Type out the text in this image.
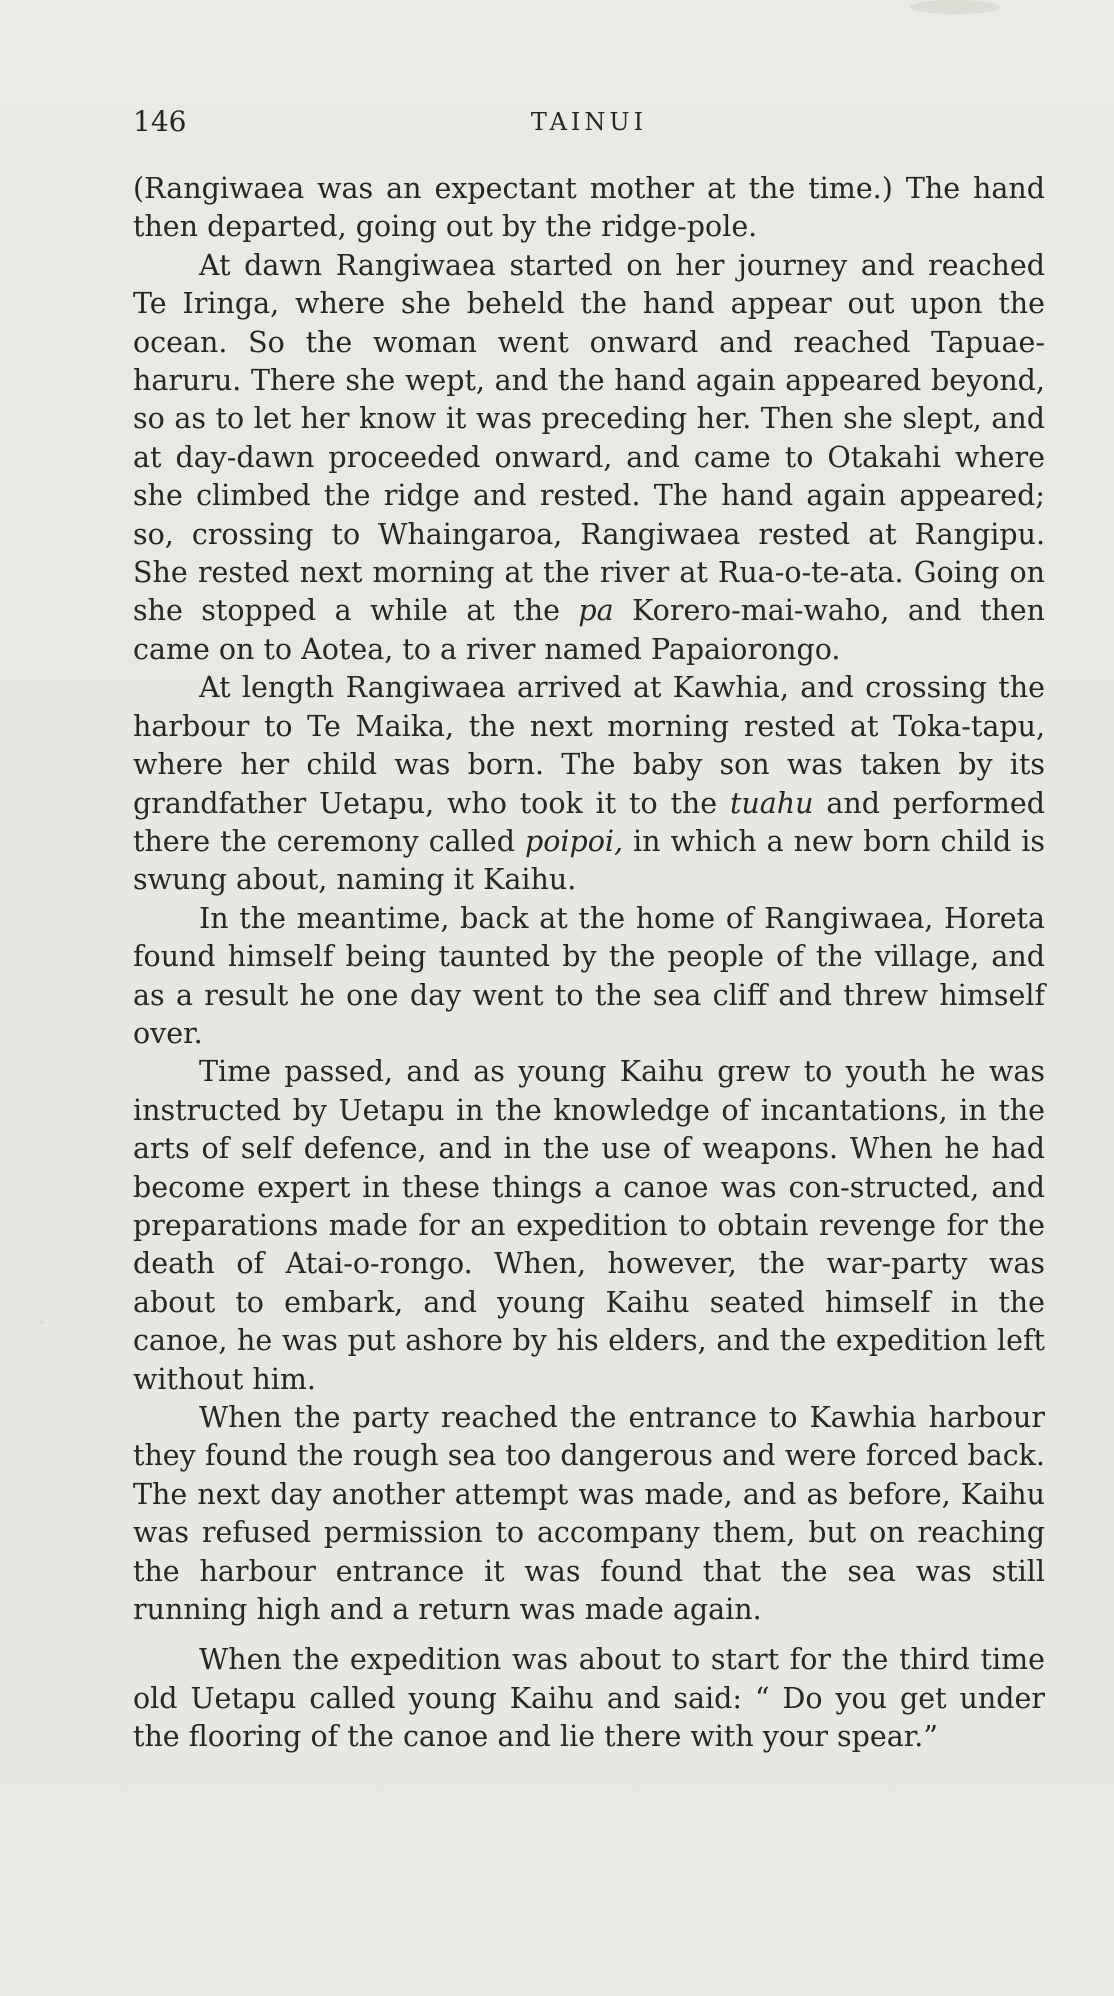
146	TAINUI

(Rangiwaea was an expectant mother at the time.) The hand then departed, going out by the ridge-pole.

At dawn Rangiwaea started on her journey and reached Te Iringa, where she beheld the hand appear out upon the ocean. So the woman went onward and reached Tapuae-haruru. There she wept, and the hand again appeared beyond, so as to let her know it was preceding her. Then she slept, and at day-dawn proceeded onward, and came to Otakahi where she climbed the ridge and rested. The hand again appeared; so, crossing to Whaingaroa, Rangiwaea rested at Rangipu. She rested next morning at the river at Rua-o-te-ata. Going on she stopped a while at the pa Korero-mai-waho, and then came on to Aotea, to a river named Papaiorongo.

At length Rangiwaea arrived at Kawhia, and crossing the harbour to Te Maika, the next morning rested at Toka-tapu, where her child was born. The baby son was taken by its grandfather Uetapu, who took it to the tuahu and performed there the ceremony called poipoi, in which a new born child is swung about, naming it Kaihu.

In the meantime, back at the home of Rangiwaea, Horeta found himself being taunted by the people of the village, and as a result he one day went to the sea cliff and threw himself over.

Time passed, and as young Kaihu grew to youth he was instructed by Uetapu in the knowledge of incantations, in the arts of self defence, and in the use of weapons. When he had become expert in these things a canoe was con-structed, and preparations made for an expedition to obtain revenge for the death of Atai-o-rongo. When, however, the war-party was about to embark, and young Kaihu seated himself in the canoe, he was put ashore by his elders, and the expedition left without him.

When the party reached the entrance to Kawhia harbour they found the rough sea too dangerous and were forced back. The next day another attempt was made, and as before, Kaihu was refused permission to accompany them, but on reaching the harbour entrance it was found that the sea was still running high and a return was made again.

When the expedition was about to start for the third time old Uetapu called young Kaihu and said: “ Do you get under the flooring of the canoe and lie there with your spear.”
